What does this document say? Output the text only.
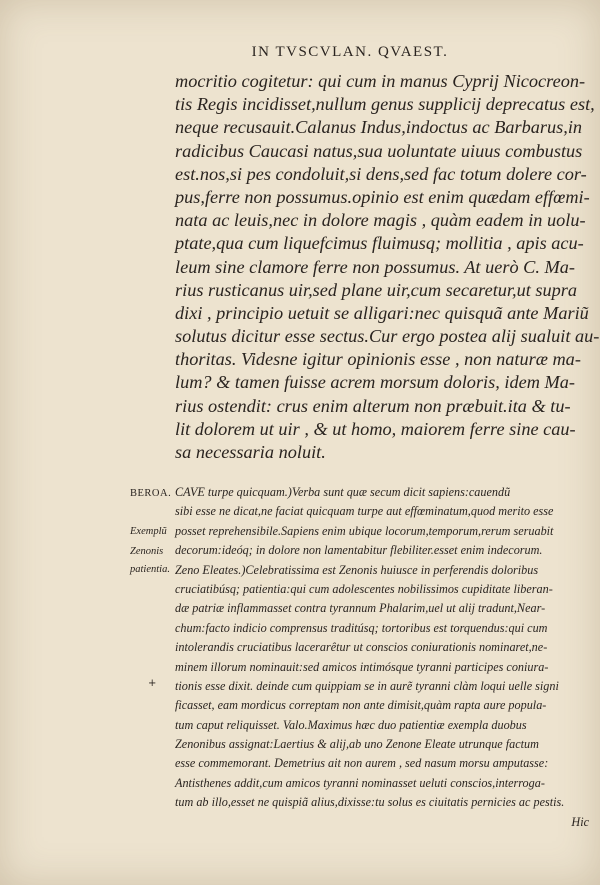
IN TVSCVLAN. QVAEST.
mocritio cogitetur: qui cum in manus Cyprij Nicocreon-
tis Regis incidisset,nullum genus supplicij deprecatus est,
neque recusauit.Calanus Indus,indoctus ac Barbarus,in
radicibus Caucasi natus,sua uoluntate uiuus combustus
est.nos,si pes condoluit,si dens,sed fac totum dolere cor-
pus,ferre non possumus.opinio est enim quædam effœmi-
nata ac leuis,nec in dolore magis , quàm eadem in uolu-
ptate,qua cum liquefcimus fluimusq; mollitia , apis acu-
leum sine clamore ferre non possumus. At uerò C. Ma-
rius rusticanus uir,sed plane uir,cum secaretur,ut supra
dixi , principio uetuit se alligari:nec quisquã ante Mariũ
solutus dicitur esse sectus.Cur ergo postea alij sualuit au-
thoritas. Videsne igitur opinionis esse , non naturæ ma-
lum? & tamen fuisse acrem morsum doloris, idem Ma-
rius ostendit: crus enim alterum non præbuit.ita & tu-
lit dolorem ut uir , & ut homo, maiorem ferre sine cau-
sa necessaria noluit.
BEROA.
Exemplũ
Zenonis
patientia.
+
CAVE turpe quicquam.)Verba sunt quæ secum dicit sapiens:cauendũ
sibi esse ne dicat,ne faciat quicquam turpe aut effœminatum,quod merito esse
posset reprehensibile.Sapiens enim ubique locorum,temporum,rerum seruabit
decorum:ideóq; in dolore non lamentabitur flebiliter.esset enim indecorum.
Zeno Eleates.)Celebratissima est Zenonis huiusce in perferendis doloribus
cruciatibúsq; patientia:qui cum adolescentes nobilissimos cupiditate liberan-
dæ patriæ inflammasset contra tyrannum Phalarim,uel ut alij tradunt,Near-
chum:facto indicio comprensus traditúsq; tortoribus est torquendus:qui cum
intolerandis cruciatibus lacerarêtur ut conscios coniurationis nominaret,ne-
minem illorum nominauit:sed amicos intimósque tyranni participes coniura-
tionis esse dixit. deinde cum quippiam se in aurẽ tyranni clàm loqui uelle signi
ficasset, eam mordicus correptam non ante dimisit,quàm rapta aure popula-
tum caput reliquisset. Valo.Maximus hæc duo patientiæ exempla duobus
Zenonibus assignat:Laertius & alij,ab uno Zenone Eleate utrunque factum
esse commemorant. Demetrius ait non aurem , sed nasum morsu amputasse:
Antisthenes addit,cum amicos tyranni nominasset ueluti conscios,interroga-
tum ab illo,esset ne quispiã alius,dixisse:tu solus es ciuitatis pernicies ac pestis.
Hic
